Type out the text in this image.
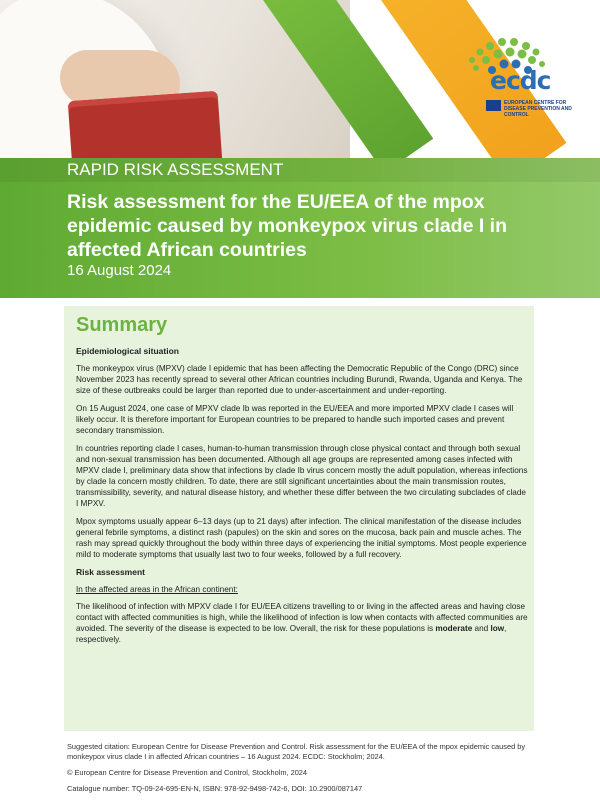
ecdc
EUROPEAN CENTRE FOR DISEASE PREVENTION AND CONTROL
RAPID RISK ASSESSMENT
Risk assessment for the EU/EEA of the mpox epidemic caused by monkeypox virus clade I in affected African countries
16 August 2024
Summary
Epidemiological situation

The monkeypox virus (MPXV) clade I epidemic that has been affecting the Democratic Republic of the Congo (DRC) since November 2023 has recently spread to several other African countries including Burundi, Rwanda, Uganda and Kenya. The size of these outbreaks could be larger than reported due to under-ascertainment and under-reporting.

On 15 August 2024, one case of MPXV clade Ib was reported in the EU/EEA and more imported MPXV clade I cases will likely occur. It is therefore important for European countries to be prepared to handle such imported cases and prevent secondary transmission.

In countries reporting clade I cases, human-to-human transmission through close physical contact and through both sexual and non-sexual transmission has been documented. Although all age groups are represented among cases infected with MPXV clade I, preliminary data show that infections by clade Ib virus concern mostly the adult population, whereas infections by clade Ia concern mostly children. To date, there are still significant uncertainties about the main transmission routes, transmissibility, severity, and natural disease history, and whether these differ between the two circulating subclades of clade I MPXV.

Mpox symptoms usually appear 6–13 days (up to 21 days) after infection. The clinical manifestation of the disease includes general febrile symptoms, a distinct rash (papules) on the skin and sores on the mucosa, back pain and muscle aches. The rash may spread quickly throughout the body within three days of experiencing the initial symptoms. Most people experience mild to moderate symptoms that usually last two to four weeks, followed by a full recovery.

Risk assessment

In the affected areas in the African continent:

The likelihood of infection with MPXV clade I for EU/EEA citizens travelling to or living in the affected areas and having close contact with affected communities is high, while the likelihood of infection is low when contacts with affected communities are avoided. The severity of the disease is expected to be low. Overall, the risk for these populations is moderate and low, respectively.

Suggested citation: European Centre for Disease Prevention and Control. Risk assessment for the EU/EEA of the mpox epidemic caused by monkeypox virus clade I in affected African countries – 16 August 2024. ECDC: Stockholm; 2024.

© European Centre for Disease Prevention and Control, Stockholm, 2024

Catalogue number: TQ-09-24-695-EN-N, ISBN: 978-92-9498-742-6, DOI: 10.2900/087147
